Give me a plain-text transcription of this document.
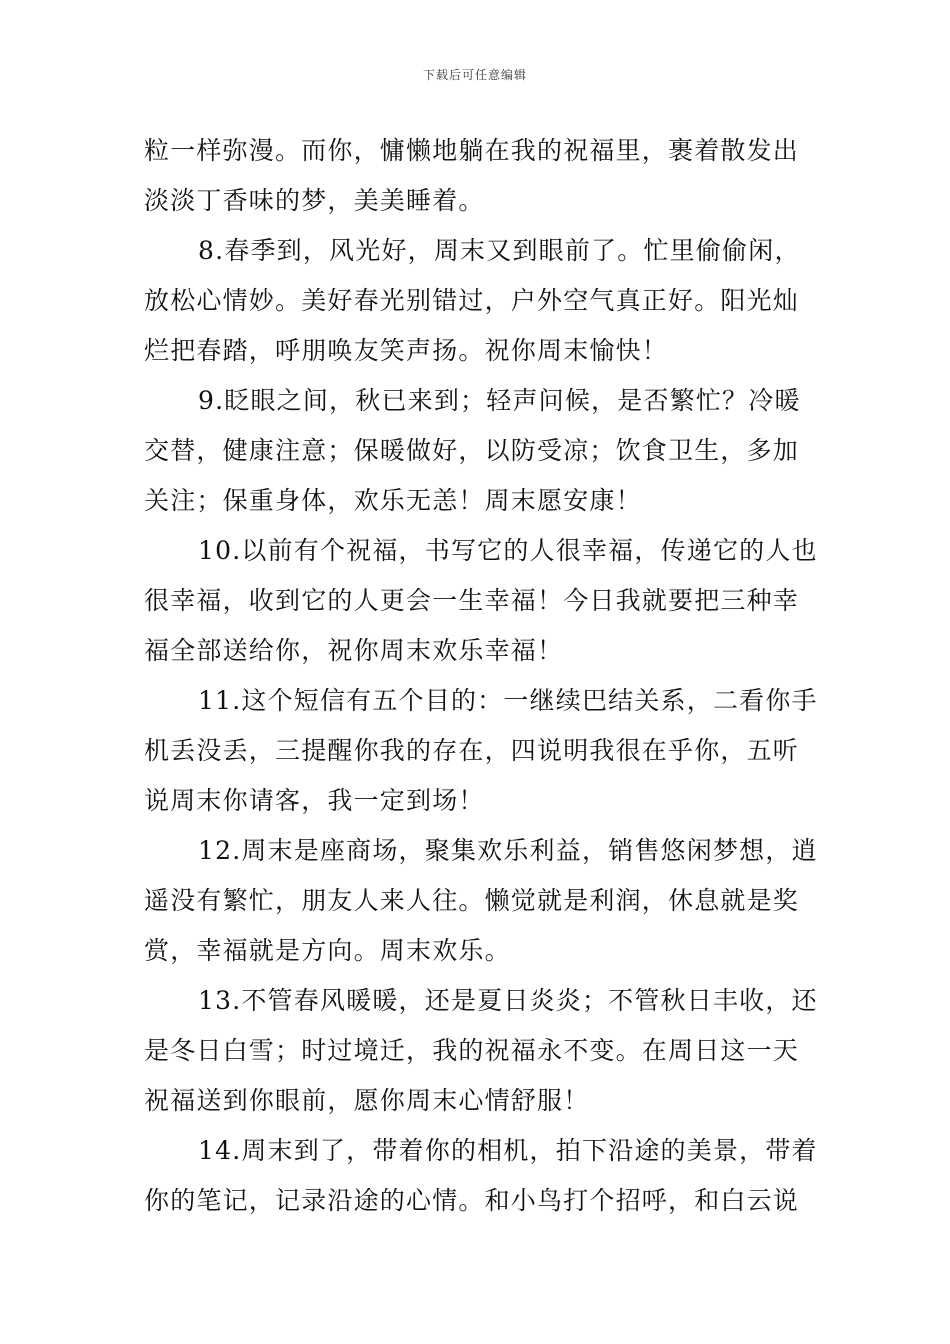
下载后可任意编辑
粒一样弥漫。而你，慵懒地躺在我的祝福里，裹着散发出
淡淡丁香味的梦，美美睡着。
8.春季到，风光好，周末又到眼前了。忙里偷偷闲，
放松心情妙。美好春光别错过，户外空气真正好。阳光灿
烂把春踏，呼朋唤友笑声扬。祝你周末愉快！
9.眨眼之间，秋已来到；轻声问候，是否繁忙？冷暖
交替，健康注意；保暖做好，以防受凉；饮食卫生，多加
关注；保重身体，欢乐无恙！周末愿安康！
10.以前有个祝福，书写它的人很幸福，传递它的人也
很幸福，收到它的人更会一生幸福！今日我就要把三种幸
福全部送给你，祝你周末欢乐幸福！
11.这个短信有五个目的：一继续巴结关系，二看你手
机丢没丢，三提醒你我的存在，四说明我很在乎你，五听
说周末你请客，我一定到场！
12.周末是座商场，聚集欢乐利益，销售悠闲梦想，逍
遥没有繁忙，朋友人来人往。懒觉就是利润，休息就是奖
赏，幸福就是方向。周末欢乐。
13.不管春风暖暖，还是夏日炎炎；不管秋日丰收，还
是冬日白雪；时过境迁，我的祝福永不变。在周日这一天
祝福送到你眼前，愿你周末心情舒服！
14.周末到了，带着你的相机，拍下沿途的美景，带着
你的笔记，记录沿途的心情。和小鸟打个招呼，和白云说
